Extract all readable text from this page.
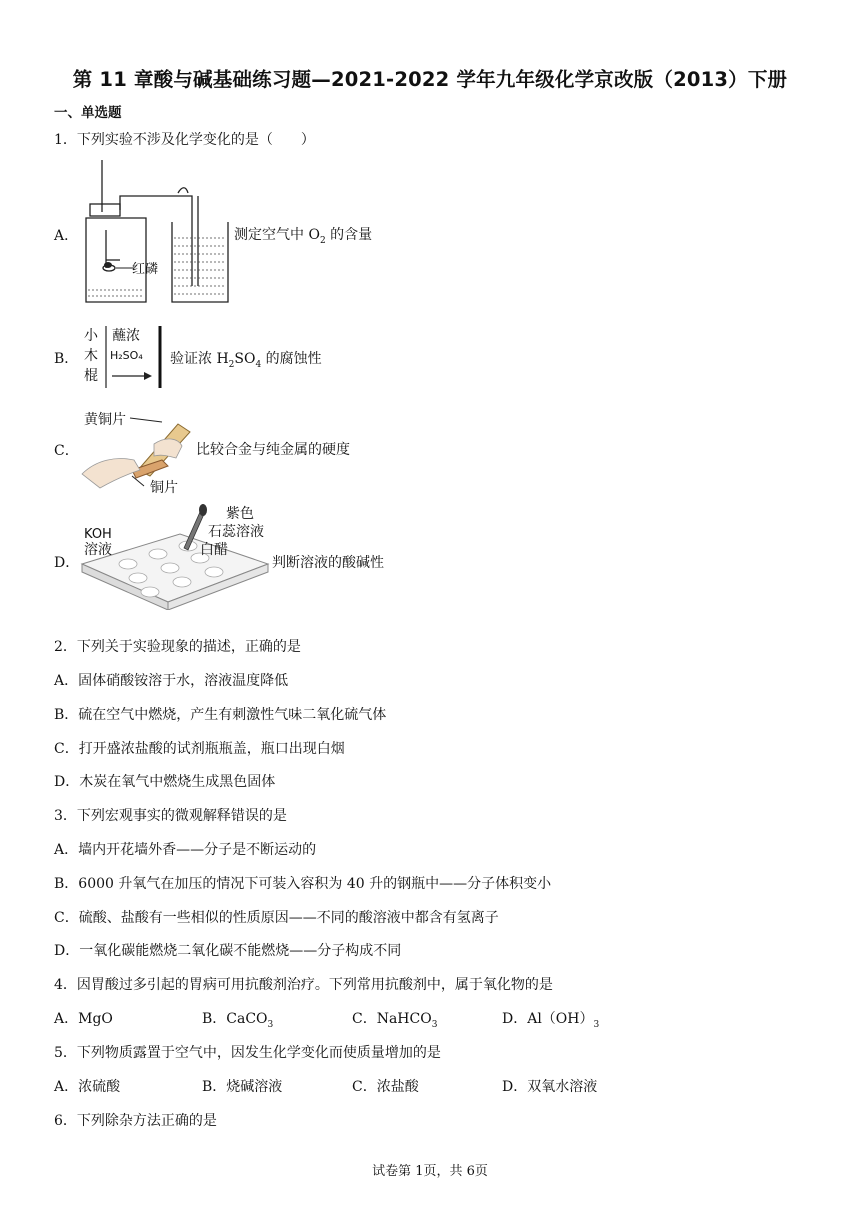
第 11 章酸与碱基础练习题—2021-2022 学年九年级化学京改版（2013）下册
一、单选题
1．下列实验不涉及化学变化的是（　　）
A．
红磷
测定空气中 $O_2$ 的含量
B．
小
木
棍
蘸浓
H₂SO₄ 验证浓 $H_2SO_4$ 的腐蚀性
C．
黄铜片
铜片
比较合金与纯金属的硬度
D．
KOH
溶液
紫色
石蕊溶液
白醋
判断溶液的酸碱性
2．下列关于实验现象的描述，正确的是
A．固体硝酸铵溶于水，溶液温度降低
B．硫在空气中燃烧，产生有刺激性气味二氧化硫气体
C．打开盛浓盐酸的试剂瓶瓶盖，瓶口出现白烟
D．木炭在氧气中燃烧生成黑色固体
3．下列宏观事实的微观解释错误的是
A．墙内开花墙外香——分子是不断运动的
B．6000 升氧气在加压的情况下可装入容积为 40 升的钢瓶中——分子体积变小
C．硫酸、盐酸有一些相似的性质原因——不同的酸溶液中都含有氢离子
D．一氧化碳能燃烧二氧化碳不能燃烧——分子构成不同
4．因胃酸过多引起的胃病可用抗酸剂治疗。下列常用抗酸剂中，属于氧化物的是
A．MgO	B．CaCO$_3$	C．NaHCO$_3$	D．$Al(OH)_3$
5．下列物质露置于空气中，因发生化学变化而使质量增加的是
A．浓硫酸	B．烧碱溶液	C．浓盐酸	D．双氧水溶液
6．下列除杂方法正确的是
试卷第 1页，共 6页
